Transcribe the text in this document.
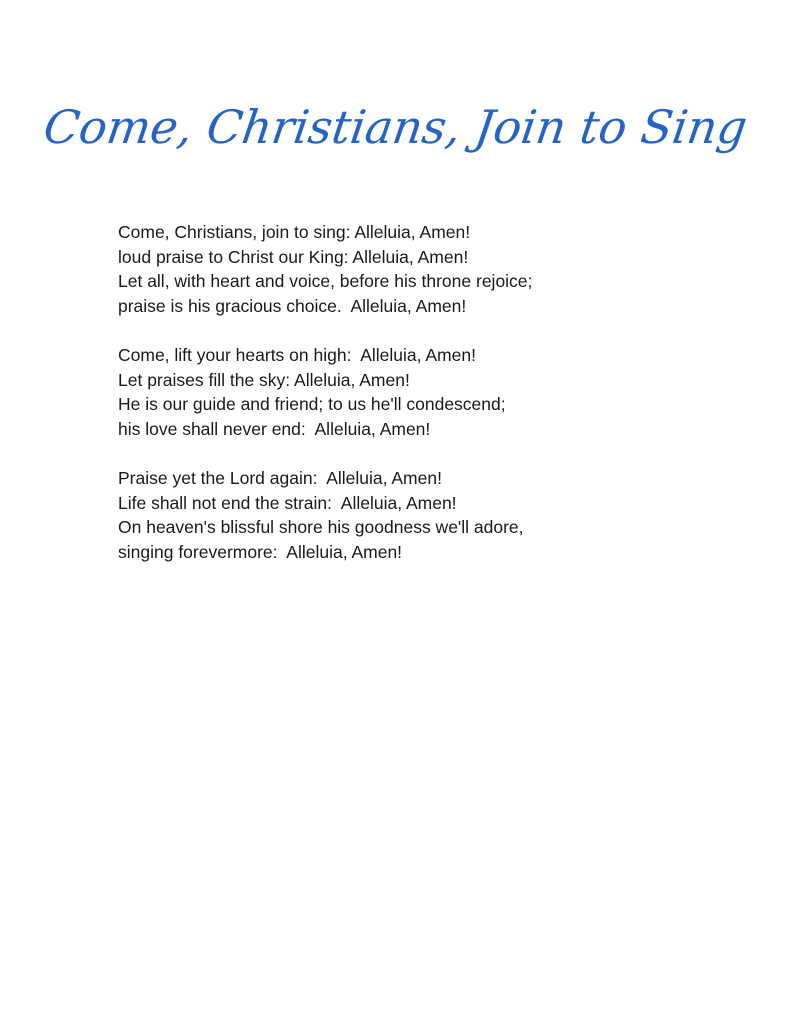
Come, Christians, Join to Sing
Come, Christians, join to sing: Alleluia, Amen!
loud praise to Christ our King: Alleluia, Amen!
Let all, with heart and voice, before his throne rejoice;
praise is his gracious choice.  Alleluia, Amen!
Come, lift your hearts on high:  Alleluia, Amen!
Let praises fill the sky: Alleluia, Amen!
He is our guide and friend; to us he'll condescend;
his love shall never end:  Alleluia, Amen!
Praise yet the Lord again:  Alleluia, Amen!
Life shall not end the strain:  Alleluia, Amen!
On heaven's blissful shore his goodness we'll adore,
singing forevermore:  Alleluia, Amen!
